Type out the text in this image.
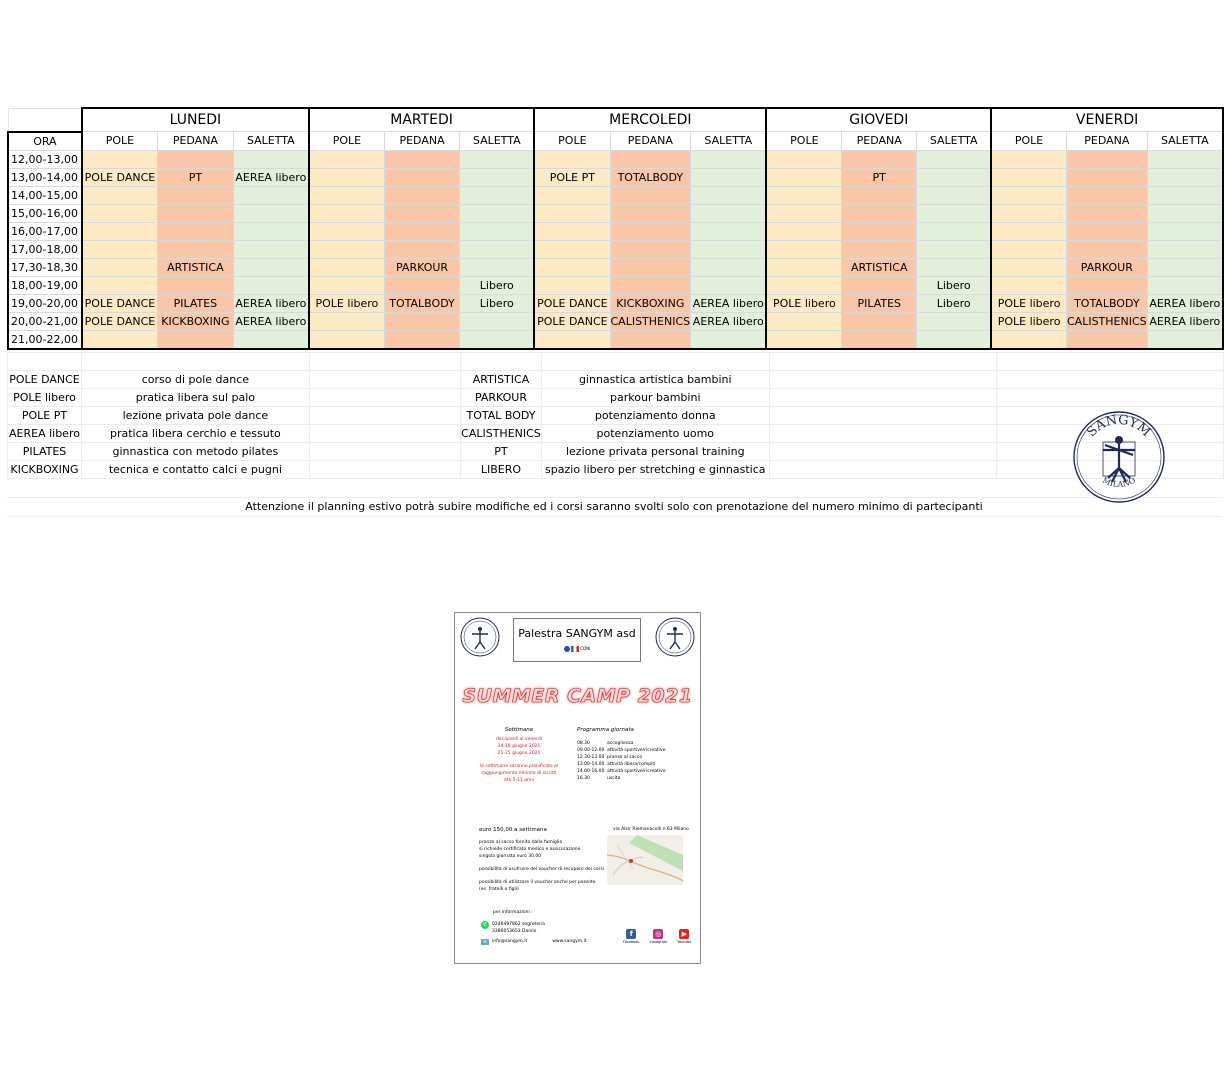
	LUNEDI			MARTEDI			MERCOLEDI			GIOVEDI			VENERDI		
ORA	POLE	PEDANA	SALETTA	POLE	PEDANA	SALETTA	POLE	PEDANA	SALETTA	POLE	PEDANA	SALETTA	POLE	PEDANA	SALETTA
12,00-13,00															
13,00-14,00	POLE DANCE	PT	AEREA libero				POLE PT	TOTALBODY			PT				
14,00-15,00															
15,00-16,00															
16,00-17,00															
17,00-18,00															
17,30-18,30		ARTISTICA			PARKOUR						ARTISTICA			PARKOUR	
18,00-19,00						Libero						Libero			
19,00-20,00	POLE DANCE	PILATES	AEREA libero	POLE libero	TOTALBODY	Libero	POLE DANCE	KICKBOXING	AEREA libero	POLE libero	PILATES	Libero	POLE libero	TOTALBODY	AEREA libero
20,00-21,00	POLE DANCE	KICKBOXING	AEREA libero				POLE DANCE	CALISTHENICS	AEREA libero				POLE libero	CALISTHENICS	AEREA libero
21,00-22,00															

POLE DANCE	corso di pole dance		ARTISTICA	ginnastica artistica bambini		
POLE libero	pratica libera sul palo		PARKOUR	parkour bambini		
POLE PT	lezione privata pole dance		TOTAL BODY	potenziamento donna		
AEREA libero	pratica libera cerchio e tessuto		CALISTHENICS	potenziamento uomo		
PILATES	ginnastica con metodo pilates		PT	lezione privata personal training		
KICKBOXING	tecnica e contatto calci e pugni		LIBERO	spazio libero per stretching e ginnastica		
Attenzione il planning estivo potrà subire modifiche ed i corsi saranno svolti solo con prenotazione del numero minimo di partecipanti
SANGYM
MILANO
Palestra SANGYM asd
CONI
SUMMER CAMP 2021
Settimane
dal lunedì al venerdì
14-18 giugno 2021
21-25 giugno 2021
le settimane saranno pianificate al
raggiungimento minimo di iscritti
età 5-11 anni
Programma giornata
08.30	accoglienza
09.00-12.00 attività sportive/ricreative
12.30-13.00 pranzo al sacco
13.00-14.00 attività libera/compiti
14.00-16.00 attività sportive/ricreative
16.30	uscita
euro 150,00 a settimana
pranzo al sacco fornito dalla famiglia
si richiede certificato medico e assicurazione
singola giornata euro 30,00
possibilità di usufruire del voucher di recupero dei corsi
possibilità di utilizzare il voucher anche per parente
(es. fratelli o figli)
via Alzir Riemanacolli n 63 Milano
per informazioni :
✆	0246497862 segreteria
3386053653 Danilo
✉	info@sangym.it	www.sangym.it
f
Facebook
◎
Instagram
▶
Youtube
